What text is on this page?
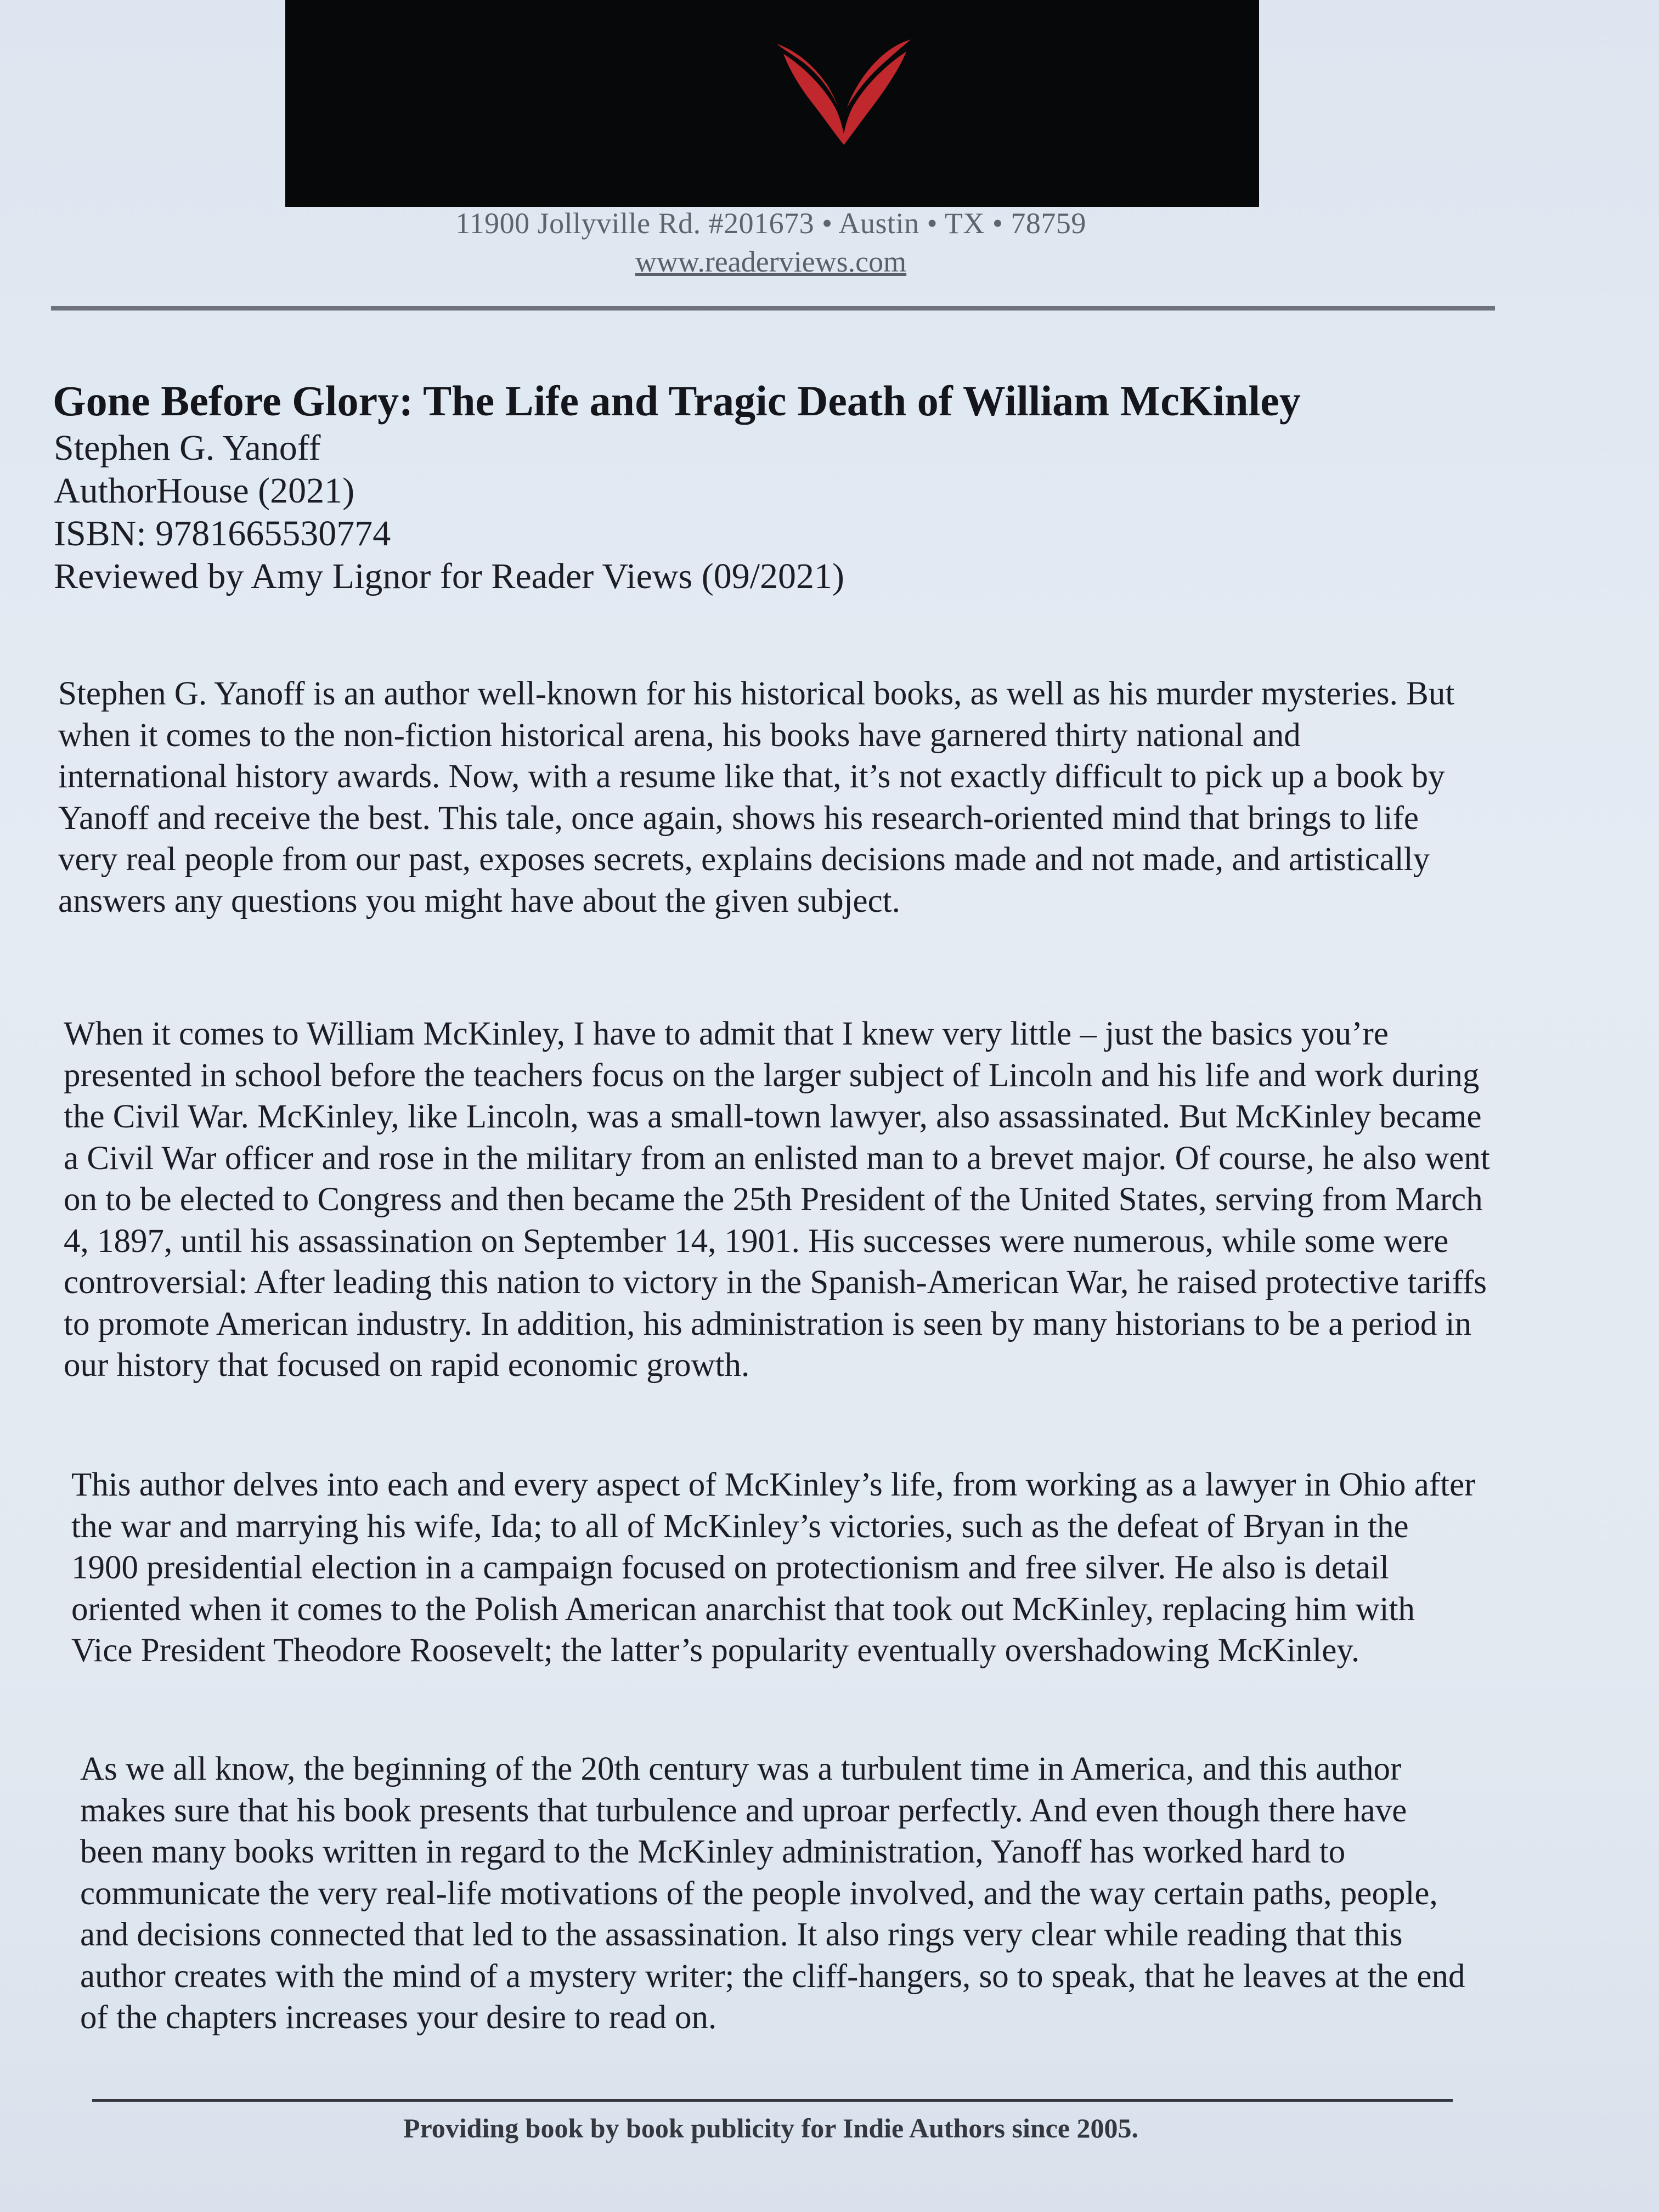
11900 Jollyville Rd. #201673 • Austin • TX • 78759
www.readerviews.com
Gone Before Glory: The Life and Tragic Death of William McKinley
Stephen G. Yanoff
AuthorHouse (2021)
ISBN: 9781665530774
Reviewed by Amy Lignor for Reader Views (09/2021)

Stephen G. Yanoff is an author well-known for his historical books, as well as his murder mysteries. But when it comes to the non-fiction historical arena, his books have garnered thirty national and international history awards. Now, with a resume like that, it’s not exactly difficult to pick up a book by Yanoff and receive the best. This tale, once again, shows his research-oriented mind that brings to life very real people from our past, exposes secrets, explains decisions made and not made, and artistically answers any questions you might have about the given subject.

When it comes to William McKinley, I have to admit that I knew very little – just the basics you’re presented in school before the teachers focus on the larger subject of Lincoln and his life and work during the Civil War. McKinley, like Lincoln, was a small-town lawyer, also assassinated. But McKinley became a Civil War officer and rose in the military from an enlisted man to a brevet major. Of course, he also went on to be elected to Congress and then became the 25th President of the United States, serving from March 4, 1897, until his assassination on September 14, 1901. His successes were numerous, while some were controversial: After leading this nation to victory in the Spanish-American War, he raised protective tariffs to promote American industry. In addition, his administration is seen by many historians to be a period in our history that focused on rapid economic growth.

This author delves into each and every aspect of McKinley’s life, from working as a lawyer in Ohio after the war and marrying his wife, Ida; to all of McKinley’s victories, such as the defeat of Bryan in the 1900 presidential election in a campaign focused on protectionism and free silver. He also is detail oriented when it comes to the Polish American anarchist that took out McKinley, replacing him with Vice President Theodore Roosevelt; the latter’s popularity eventually overshadowing McKinley.

As we all know, the beginning of the 20th century was a turbulent time in America, and this author makes sure that his book presents that turbulence and uproar perfectly. And even though there have been many books written in regard to the McKinley administration, Yanoff has worked hard to communicate the very real-life motivations of the people involved, and the way certain paths, people, and decisions connected that led to the assassination. It also rings very clear while reading that this author creates with the mind of a mystery writer; the cliff-hangers, so to speak, that he leaves at the end of the chapters increases your desire to read on.

Providing book by book publicity for Indie Authors since 2005.
